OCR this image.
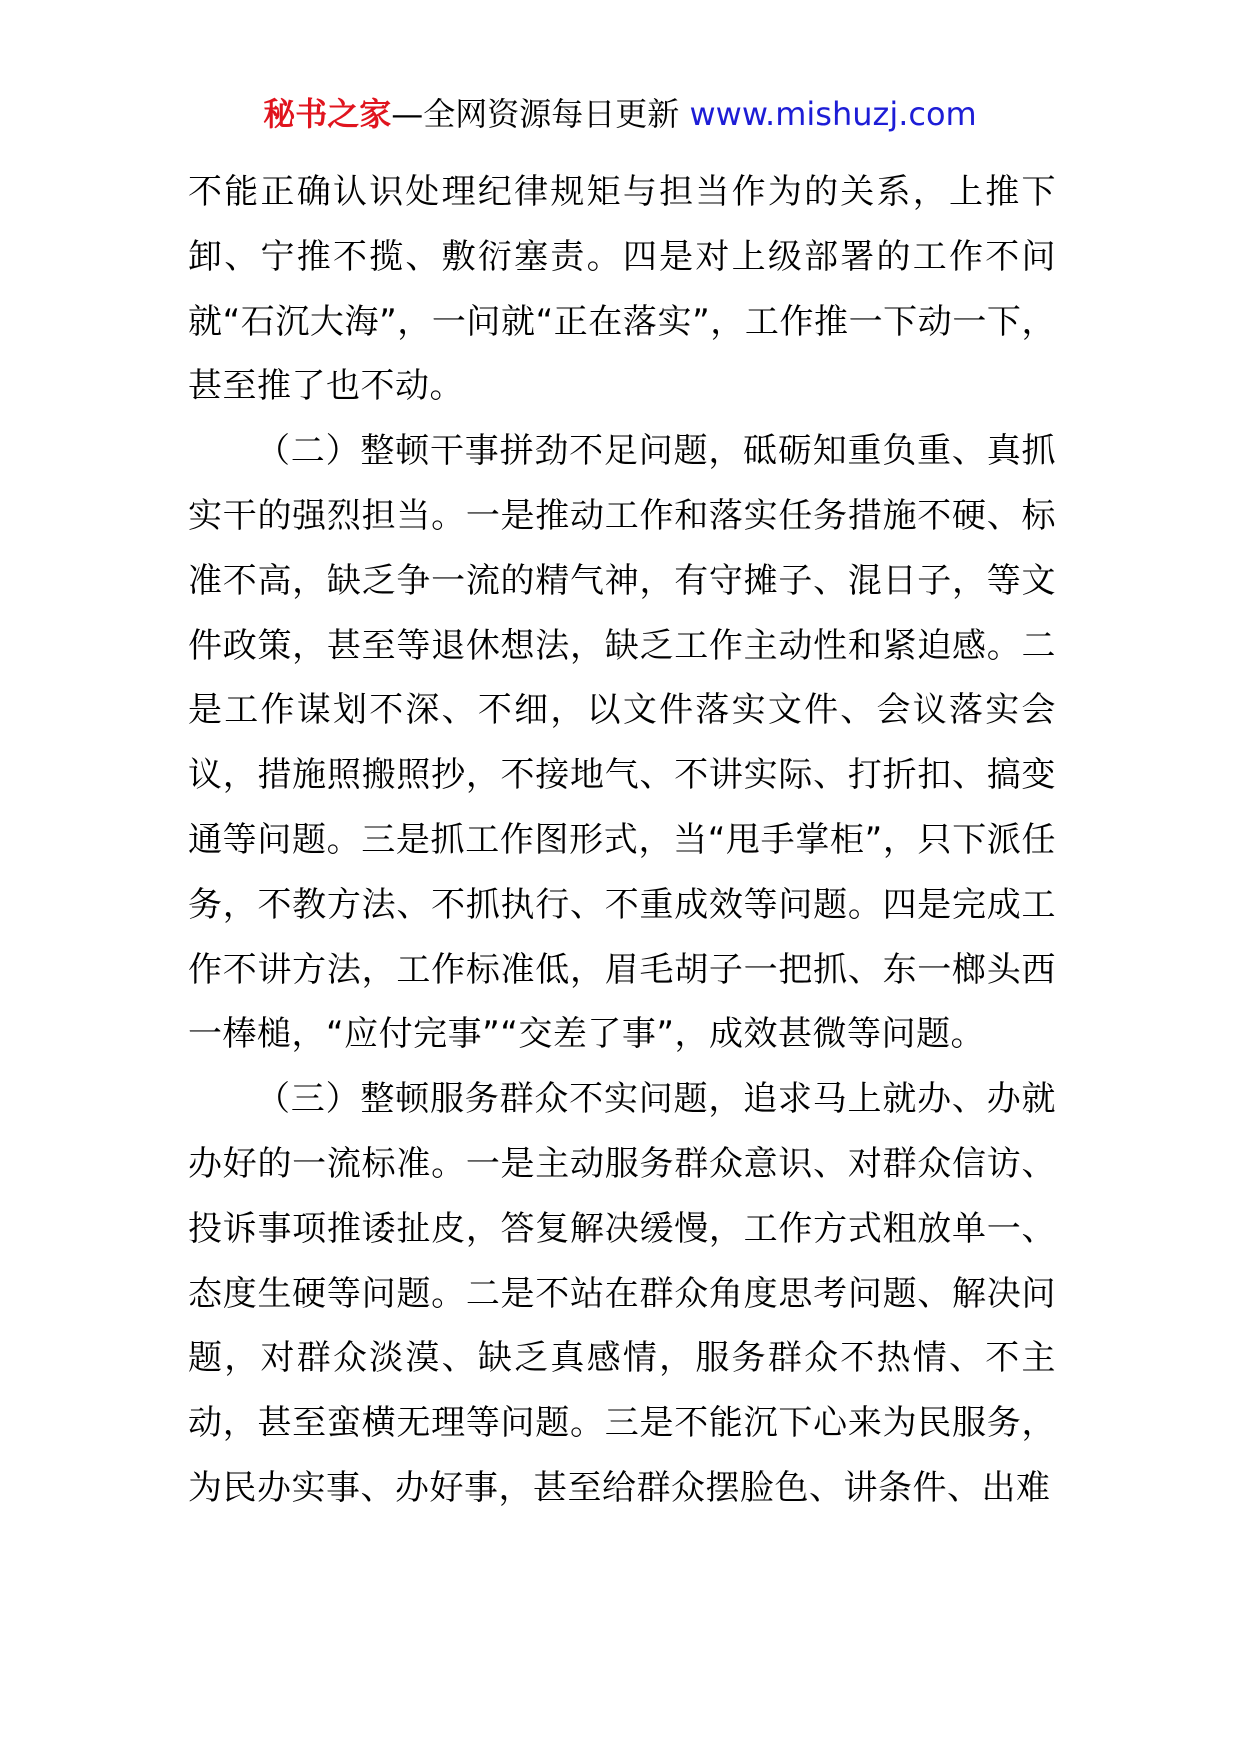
秘书之家—全网资源每日更新 www.mishuzj.com

不能正确认识处理纪律规矩与担当作为的关系，上推下卸、宁推不揽、敷衍塞责。四是对上级部署的工作不问就“石沉大海”，一问就“正在落实”，工作推一下动一下，甚至推了也不动。

（二）整顿干事拼劲不足问题，砥砺知重负重、真抓实干的强烈担当。一是推动工作和落实任务措施不硬、标准不高，缺乏争一流的精气神，有守摊子、混日子，等文件政策，甚至等退休想法，缺乏工作主动性和紧迫感。二是工作谋划不深、不细，以文件落实文件、会议落实会议，措施照搬照抄，不接地气、不讲实际、打折扣、搞变通等问题。三是抓工作图形式，当“甩手掌柜”，只下派任务，不教方法、不抓执行、不重成效等问题。四是完成工作不讲方法，工作标准低，眉毛胡子一把抓、东一榔头西一棒槌，“应付完事”“交差了事”，成效甚微等问题。

（三）整顿服务群众不实问题，追求马上就办、办就办好的一流标准。一是主动服务群众意识、对群众信访、投诉事项推诿扯皮，答复解决缓慢，工作方式粗放单一、态度生硬等问题。二是不站在群众角度思考问题、解决问题，对群众淡漠、缺乏真感情，服务群众不热情、不主动，甚至蛮横无理等问题。三是不能沉下心来为民服务，为民办实事、办好事，甚至给群众摆脸色、讲条件、出难
